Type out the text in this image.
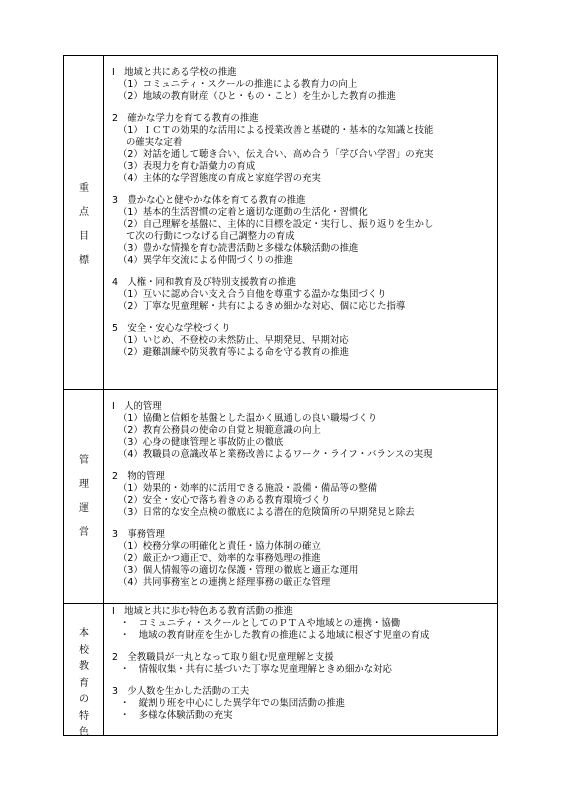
重
点
目
標
Ⅰ　地域と共にある学校の推進
（1）コミュニティ・スクールの推進による教育力の向上
（2）地域の教育財産（ひと・もの・こと）を生かした教育の推進
2　確かな学力を育てる教育の推進
（1）ＩＣＴの効果的な活用による授業改善と基礎的・基本的な知識と技能
の確実な定着
（2）対話を通して聴き合い、伝え合い、高め合う「学び合い学習」の充実
（3）表現力を育む語彙力の育成
（4）主体的な学習態度の育成と家庭学習の充実
3　豊かな心と健やかな体を育てる教育の推進
（1）基本的生活習慣の定着と適切な運動の生活化・習慣化
（2）自己理解を基盤に、主体的に目標を設定・実行し、振り返りを生かし
て次の行動につなげる自己調整力の育成
（3）豊かな情操を育む読書活動と多様な体験活動の推進
（4）異学年交流による仲間づくりの推進
4　人権・同和教育及び特別支援教育の推進
（1）互いに認め合い支え合う自他を尊重する温かな集団づくり
（2）丁寧な児童理解・共有によるきめ細かな対応、個に応じた指導
5　安全・安心な学校づくり
（1）いじめ、不登校の未然防止、早期発見、早期対応
（2）避難訓練や防災教育等による命を守る教育の推進
管
理
運
営
Ⅰ　人的管理
（1）協働と信頼を基盤とした温かく風通しの良い職場づくり
（2）教育公務員の使命の自覚と規範意識の向上
（3）心身の健康管理と事故防止の徹底
（4）教職員の意識改革と業務改善によるワーク・ライフ・バランスの実現
2　物的管理
（1）効果的・効率的に活用できる施設・設備・備品等の整備
（2）安全・安心で落ち着きのある教育環境づくり
（3）日常的な安全点検の徹底による潜在的危険箇所の早期発見と除去
3　事務管理
（1）校務分掌の明確化と責任・協力体制の確立
（2）厳正かつ適正で、効率的な事務処理の推進
（3）個人情報等の適切な保護・管理の徹底と適正な運用
（4）共同事務室との連携と経理事務の厳正な管理
本
校
教
育
の
特
色
Ⅰ　地域と共に歩む特色ある教育活動の推進
・　コミュニティ・スクールとしてのＰＴＡや地域との連携・協働
・　地域の教育財産を生かした教育の推進による地域に根ざす児童の育成
2　全教職員が一丸となって取り組む児童理解と支援
・　情報収集・共有に基づいた丁寧な児童理解ときめ細かな対応
3　少人数を生かした活動の工夫
・　縦割り班を中心にした異学年での集団活動の推進
・　多様な体験活動の充実
